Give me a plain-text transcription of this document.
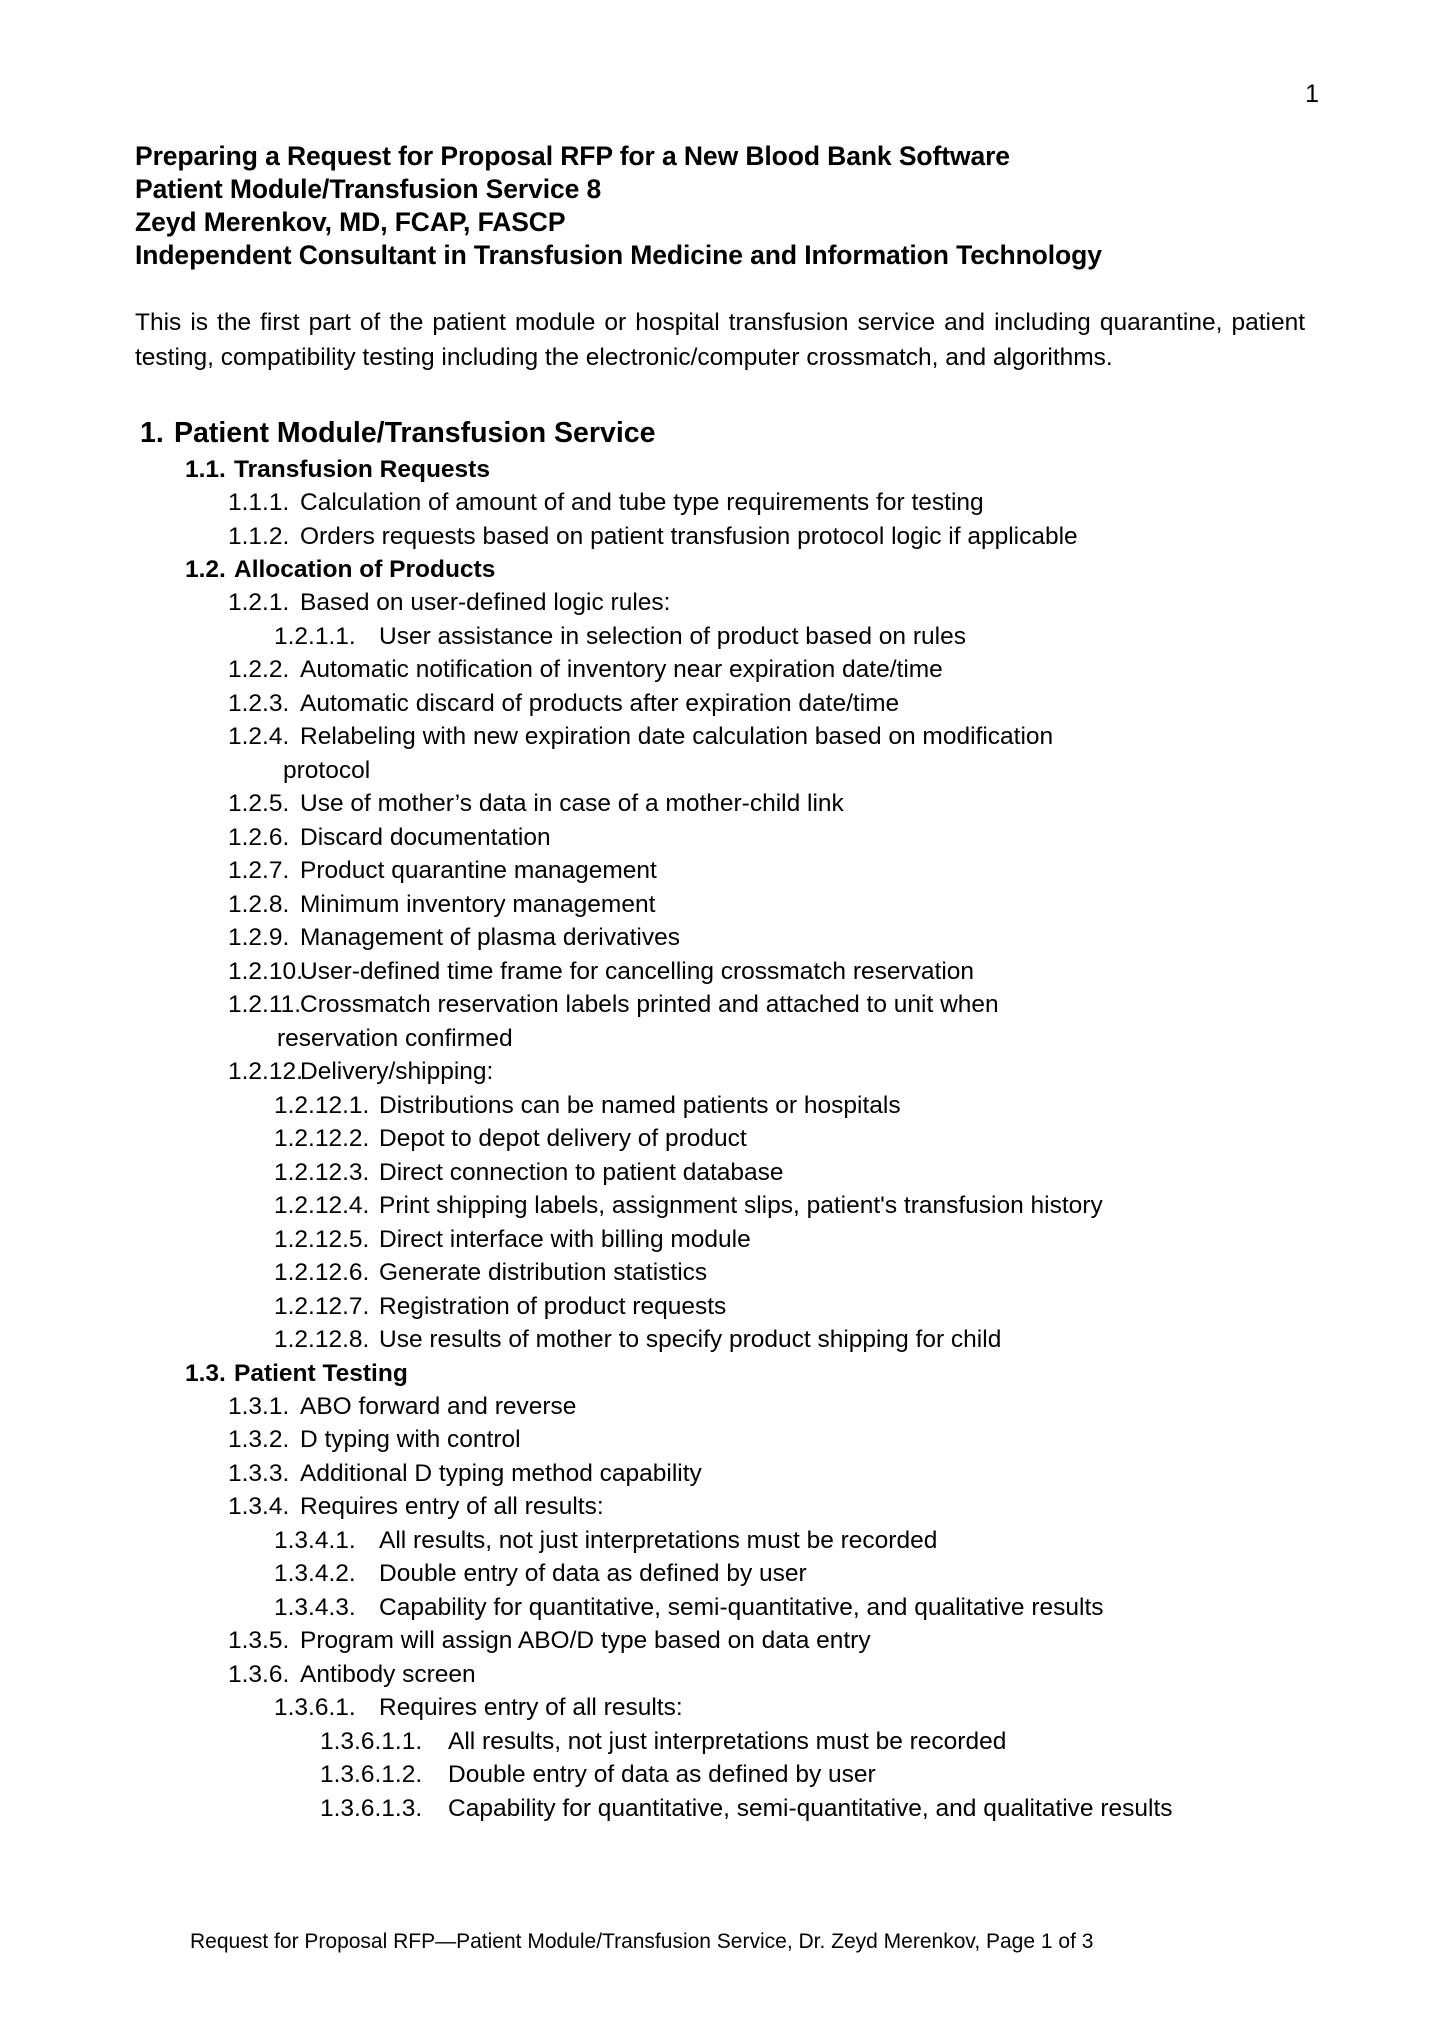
1
Preparing a Request for Proposal RFP for a New Blood Bank Software
Patient Module/Transfusion Service 8
Zeyd Merenkov, MD, FCAP, FASCP
Independent Consultant in Transfusion Medicine and Information Technology

This is the first part of the patient module or hospital transfusion service and including quarantine, patient testing, compatibility testing including the electronic/computer crossmatch, and algorithms.

1. Patient Module/Transfusion Service
1.1. Transfusion Requests
1.1.1. Calculation of amount of and tube type requirements for testing
1.1.2. Orders requests based on patient transfusion protocol logic if applicable
1.2. Allocation of Products
1.2.1. Based on user-defined logic rules:
1.2.1.1. User assistance in selection of product based on rules
1.2.2. Automatic notification of inventory near expiration date/time
1.2.3. Automatic discard of products after expiration date/time
1.2.4. Relabeling with new expiration date calculation based on modification
protocol
1.2.5. Use of mother’s data in case of a mother-child link
1.2.6. Discard documentation
1.2.7. Product quarantine management
1.2.8. Minimum inventory management
1.2.9. Management of plasma derivatives
1.2.10.
User-defined time frame for cancelling crossmatch reservation
1.2.11.
Crossmatch reservation labels printed and attached to unit when
reservation confirmed
1.2.12.
Delivery/shipping:
1.2.12.1. Distributions can be named patients or hospitals
1.2.12.2. Depot to depot delivery of product
1.2.12.3. Direct connection to patient database
1.2.12.4. Print shipping labels, assignment slips, patient's transfusion history
1.2.12.5. Direct interface with billing module
1.2.12.6. Generate distribution statistics
1.2.12.7. Registration of product requests
1.2.12.8. Use results of mother to specify product shipping for child
1.3. Patient Testing
1.3.1. ABO forward and reverse
1.3.2. D typing with control
1.3.3. Additional D typing method capability
1.3.4. Requires entry of all results:
1.3.4.1. All results, not just interpretations must be recorded
1.3.4.2. Double entry of data as defined by user
1.3.4.3. Capability for quantitative, semi-quantitative, and qualitative results
1.3.5. Program will assign ABO/D type based on data entry
1.3.6. Antibody screen
1.3.6.1. Requires entry of all results:
1.3.6.1.1.	All results, not just interpretations must be recorded
1.3.6.1.2.	Double entry of data as defined by user
1.3.6.1.3.	Capability for quantitative, semi-quantitative, and qualitative results
Request for Proposal RFP—Patient Module/Transfusion Service, Dr. Zeyd Merenkov, Page 1 of 3
